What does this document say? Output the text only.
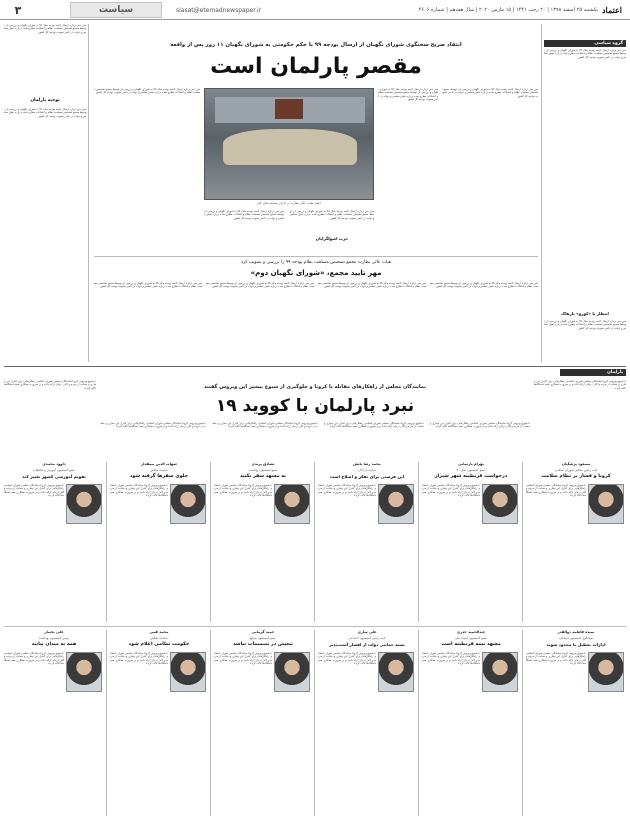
۳	سیاست	siasat@etemadnewspaper.ir	یکشنبه ۲۵ اسفند ۱۳۹۸ | ۲۰ رجب ۱۴۴۱ | ۱۵ مارس ۲۰۲۰ | سال هفدهم | شماره ۴۶۰۶ اعتماد
متن خبر درباره ارسال لایحه بودجه سال ۹۹ به شورای نگهبان و بررسی آن توسط مجمع تشخیص مصلحت نظام و انتقادات مطرح شده درباره نقش مجلس و دولت در تاخیر تصویب بودجه کل کشور
توجیه پارلمان
متن خبر درباره ارسال لایحه بودجه سال ۹۹ به شورای نگهبان و بررسی آن توسط مجمع تشخیص مصلحت نظام و انتقادات مطرح شده درباره نقش مجلس و دولت در تاخیر تصویب بودجه کل کشور
گروه سیاسی
متن خبر درباره ارسال لایحه بودجه سال ۹۹ به شورای نگهبان و بررسی آن توسط مجمع تشخیص مصلحت نظام و انتقادات مطرح شده درباره نقش مجلس و دولت در تاخیر تصویب بودجه کل کشور
انتظار با «کورو» بازهاک
متن خبر درباره ارسال لایحه بودجه سال ۹۹ به شورای نگهبان و بررسی آن توسط مجمع تشخیص مصلحت نظام و انتقادات مطرح شده درباره نقش مجلس و دولت در تاخیر تصویب بودجه کل کشور
انتقاد صریح سخنگوی شورای نگهبان از ارسال بودجه ۹۹ با حکم حکومتی به شورای نگهبان ۱۱ روز پس از واقعه
مقصر پارلمان است
متن خبر درباره ارسال لایحه بودجه سال ۹۹ به شورای نگهبان و بررسی آن توسط مجمع تشخیص مصلحت نظام و انتقادات مطرح شده درباره نقش مجلس و دولت در تاخیر تصویب بودجه کل کشور
متن خبر درباره ارسال لایحه بودجه سال ۹۹ به شورای نگهبان و بررسی آن توسط مجمع تشخیص مصلحت نظام و انتقادات مطرح شده درباره نقش مجلس و دولت در تاخیر تصویب بودجه کل کشور
متن خبر درباره ارسال لایحه بودجه سال ۹۹ به شورای نگهبان و بررسی آن توسط مجمع تشخیص مصلحت نظام و انتقادات مطرح شده درباره نقش مجلس و دولت در تاخیر تصویب بودجه کل کشور
جلسه هیات عالی نظارت بر اجرای سیاست‌های کلی
متن خبر درباره ارسال لایحه بودجه سال ۹۹ به شورای نگهبان و بررسی آن توسط مجمع تشخیص مصلحت نظام و انتقادات مطرح شده درباره نقش مجلس و دولت در تاخیر تصویب بودجه کل کشور
حزب اصولگرایان
متن خبر درباره ارسال لایحه بودجه سال ۹۹ به شورای نگهبان و بررسی آن توسط مجمع تشخیص مصلحت نظام و انتقادات مطرح شده درباره نقش مجلس و دولت در تاخیر تصویب بودجه کل کشور
هیات عالی نظارت مجمع تشخیص مصلحت نظام بودجه ۹۹ را بررسی و تصویب کرد
مهر تایید مجمع، «شورای نگهبان دوم»
متن خبر درباره ارسال لایحه بودجه سال ۹۹ به شورای نگهبان و بررسی آن توسط مجمع تشخیص مصلحت نظام و انتقادات مطرح شده درباره نقش مجلس و دولت در تاخیر تصویب بودجه کل کشور
متن خبر درباره ارسال لایحه بودجه سال ۹۹ به شورای نگهبان و بررسی آن توسط مجمع تشخیص مصلحت نظام و انتقادات مطرح شده درباره نقش مجلس و دولت در تاخیر تصویب بودجه کل کشور
متن خبر درباره ارسال لایحه بودجه سال ۹۹ به شورای نگهبان و بررسی آن توسط مجمع تشخیص مصلحت نظام و انتقادات مطرح شده درباره نقش مجلس و دولت در تاخیر تصویب بودجه کل کشور
متن خبر درباره ارسال لایحه بودجه سال ۹۹ به شورای نگهبان و بررسی آن توسط مجمع تشخیص مصلحت نظام و انتقادات مطرح شده درباره نقش مجلس و دولت در تاخیر تصویب بودجه کل کشور
پارلمان
با شیوع ویروس کرونا نمایندگان مجلس شورای اسلامی راهکارهایی برای کنترل این بیماری و حمایت از مردم و کادر درمان ارائه دادند و بر ضرورت همکاری همه دستگاه‌ها تاکید کردند
با شیوع ویروس کرونا نمایندگان مجلس شورای اسلامی راهکارهایی برای کنترل این بیماری و حمایت از مردم و کادر درمان ارائه دادند و بر ضرورت همکاری همه دستگاه‌ها تاکید کردند
نمایندگان مجلس از راهکارهای مقابله با کرونا و جلوگیری از شیوع بیشتر این ویروس گفتند
نبرد پارلمان با کووید ۱۹
با شیوع ویروس کرونا نمایندگان مجلس شورای اسلامی راهکارهایی برای کنترل این بیماری و حمایت از مردم و کادر درمان ارائه دادند و بر ضرورت همکاری همه دستگاه‌ها تاکید کردند
با شیوع ویروس کرونا نمایندگان مجلس شورای اسلامی راهکارهایی برای کنترل این بیماری و حمایت از مردم و کادر درمان ارائه دادند و بر ضرورت همکاری همه دستگاه‌ها تاکید کردند
با شیوع ویروس کرونا نمایندگان مجلس شورای اسلامی راهکارهایی برای کنترل این بیماری و حمایت از مردم و کادر درمان ارائه دادند و بر ضرورت همکاری همه دستگاه‌ها تاکید کردند
با شیوع ویروس کرونا نمایندگان مجلس شورای اسلامی راهکارهایی برای کنترل این بیماری و حمایت از مردم و کادر درمان ارائه دادند و بر ضرورت همکاری همه دستگاه‌ها تاکید کردند
مسعود پزشکیان
نایب رئیس مجلس شورای اسلامی
کرونا و فشار بر نظام سلامت
با شیوع ویروس کرونا نمایندگان مجلس شورای اسلامی راهکارهایی برای کنترل این بیماری و حمایت از مردم و کادر درمان ارائه دادند و بر ضرورت همکاری همه دستگاه‌ها تاکید کردند
بهرام پارسایی
عضو کمیسیون اصل ۹۰
درخواست قرنطینه شهر شیراز
با شیوع ویروس کرونا نمایندگان مجلس شورای اسلامی راهکارهایی برای کنترل این بیماری و حمایت از مردم و کادر درمان ارائه دادند و بر ضرورت همکاری همه دستگاه‌ها تاکید کردند
محمد رضا تابش
نماینده اردکان
این فرصتی برای تفکر و اصلاح است
با شیوع ویروس کرونا نمایندگان مجلس شورای اسلامی راهکارهایی برای کنترل این بیماری و حمایت از مردم و کادر درمان ارائه دادند و بر ضرورت همکاری همه دستگاه‌ها تاکید کردند
تصادق پرندی
عضو کمیسیون بهداشت
به مشهد سفر نکنید
با شیوع ویروس کرونا نمایندگان مجلس شورای اسلامی راهکارهایی برای کنترل این بیماری و حمایت از مردم و کادر درمان ارائه دادند و بر ضرورت همکاری همه دستگاه‌ها تاکید کردند
شهاب الدین بیمقدار
نماینده مجلس
جلوی سفرها گرفته شود
با شیوع ویروس کرونا نمایندگان مجلس شورای اسلامی راهکارهایی برای کنترل این بیماری و حمایت از مردم و کادر درمان ارائه دادند و بر ضرورت همکاری همه دستگاه‌ها تاکید کردند
داوود محمدی
عضو کمیسیون آموزش و تحقیقات
تقویم آموزشی کشور تغییر کند
با شیوع ویروس کرونا نمایندگان مجلس شورای اسلامی راهکارهایی برای کنترل این بیماری و حمایت از مردم و کادر درمان ارائه دادند و بر ضرورت همکاری همه دستگاه‌ها تاکید کردند
سیده فاطمه ذوالقدر
سخنگوی کمیسیون فرهنگی
ادارات تعطیل یا محدود شوند
با شیوع ویروس کرونا نمایندگان مجلس شورای اسلامی راهکارهایی برای کنترل این بیماری و حمایت از مردم و کادر درمان ارائه دادند و بر ضرورت همکاری همه دستگاه‌ها تاکید کردند
عبدالحمید خدری
عضو کمیسیون امنیت ملی
مشهد نیمه قرنطینه است
با شیوع ویروس کرونا نمایندگان مجلس شورای اسلامی راهکارهایی برای کنترل این بیماری و حمایت از مردم و کادر درمان ارائه دادند و بر ضرورت همکاری همه دستگاه‌ها تاکید کردند
علی ساری
نایب رئیس کمیسیون اجتماعی
بسته حمایتی دولت از اقشار آسیب‌پذیر
با شیوع ویروس کرونا نمایندگان مجلس شورای اسلامی راهکارهایی برای کنترل این بیماری و حمایت از مردم و کادر درمان ارائه دادند و بر ضرورت همکاری همه دستگاه‌ها تاکید کردند
حمید گرمابی
عضو کمیسیون صنایع
تبعیض در تصمیمات نباشد
با شیوع ویروس کرونا نمایندگان مجلس شورای اسلامی راهکارهایی برای کنترل این بیماری و حمایت از مردم و کادر درمان ارائه دادند و بر ضرورت همکاری همه دستگاه‌ها تاکید کردند
محمد قمی
نماینده مجلس
حکومت نظامی اعلام شود
با شیوع ویروس کرونا نمایندگان مجلس شورای اسلامی راهکارهایی برای کنترل این بیماری و حمایت از مردم و کادر درمان ارائه دادند و بر ضرورت همکاری همه دستگاه‌ها تاکید کردند
علی بختیار
رئیس کمیسیون بهداشت
همه به میدان بیایند
با شیوع ویروس کرونا نمایندگان مجلس شورای اسلامی راهکارهایی برای کنترل این بیماری و حمایت از مردم و کادر درمان ارائه دادند و بر ضرورت همکاری همه دستگاه‌ها تاکید کردند
